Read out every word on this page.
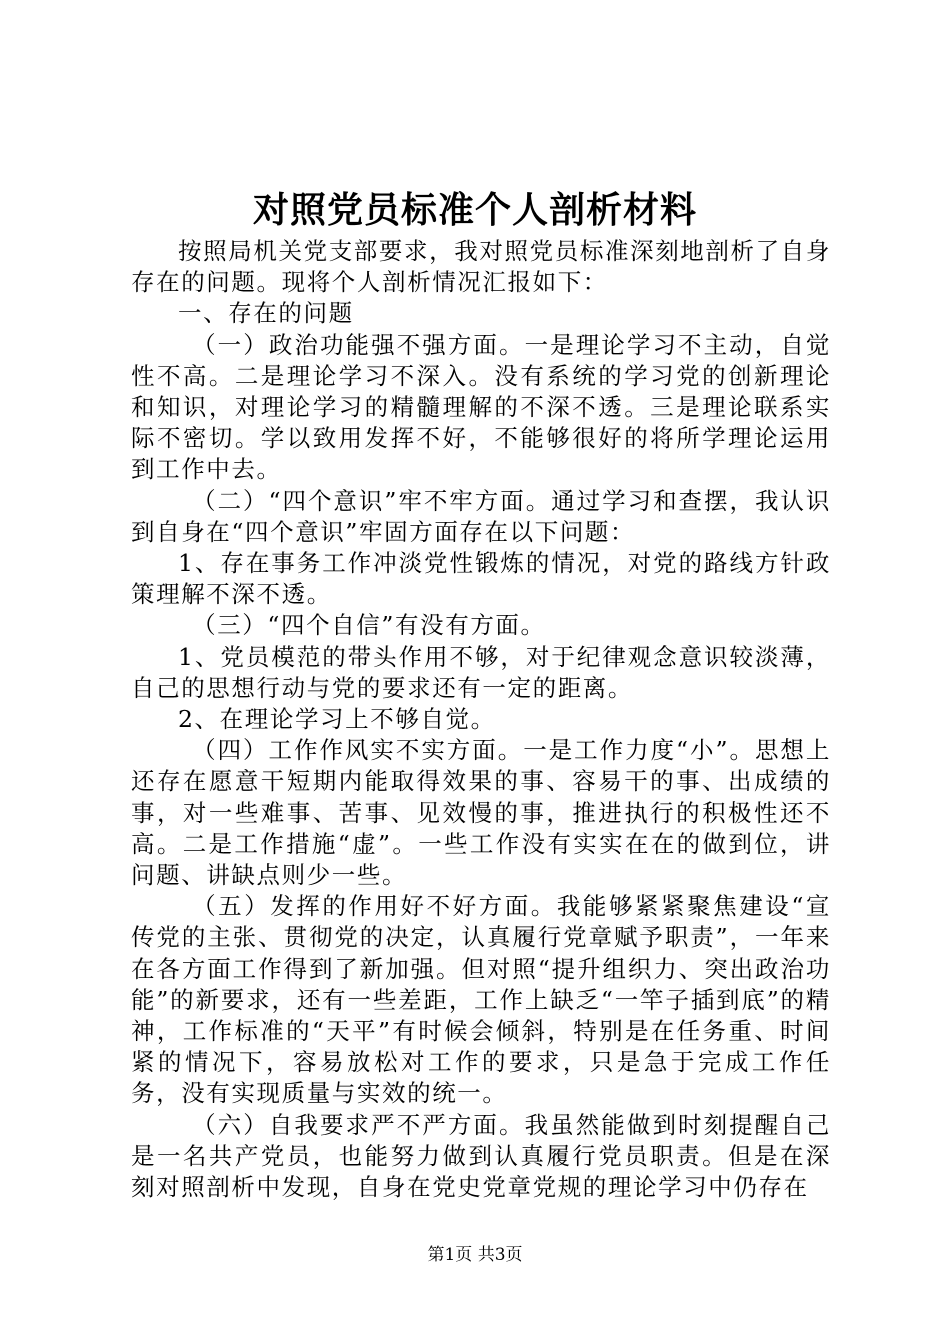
对照党员标准个人剖析材料

按照局机关党支部要求，我对照党员标准深刻地剖析了自身存在的问题。现将个人剖析情况汇报如下：

一、存在的问题

（一）政治功能强不强方面。一是理论学习不主动，自觉性不高。二是理论学习不深入。没有系统的学习党的创新理论和知识，对理论学习的精髓理解的不深不透。三是理论联系实际不密切。学以致用发挥不好，不能够很好的将所学理论运用到工作中去。

（二）“四个意识”牢不牢方面。通过学习和查摆，我认识到自身在“四个意识”牢固方面存在以下问题：

1、存在事务工作冲淡党性锻炼的情况，对党的路线方针政策理解不深不透。

（三）“四个自信”有没有方面。

1、党员模范的带头作用不够，对于纪律观念意识较淡薄，自己的思想行动与党的要求还有一定的距离。

2、在理论学习上不够自觉。

（四）工作作风实不实方面。一是工作力度“小”。思想上还存在愿意干短期内能取得效果的事、容易干的事、出成绩的事，对一些难事、苦事、见效慢的事，推进执行的积极性还不高。二是工作措施“虚”。一些工作没有实实在在的做到位，讲问题、讲缺点则少一些。

（五）发挥的作用好不好方面。我能够紧紧聚焦建设“宣传党的主张、贯彻党的决定，认真履行党章赋予职责”，一年来在各方面工作得到了新加强。但对照“提升组织力、突出政治功能”的新要求，还有一些差距，工作上缺乏“一竿子插到底”的精神，工作标准的“天平”有时候会倾斜，特别是在任务重、时间紧的情况下，容易放松对工作的要求，只是急于完成工作任务，没有实现质量与实效的统一。

（六）自我要求严不严方面。我虽然能做到时刻提醒自己是一名共产党员，也能努力做到认真履行党员职责。但是在深刻对照剖析中发现，自身在党史党章党规的理论学习中仍存在

第1页 共3页
